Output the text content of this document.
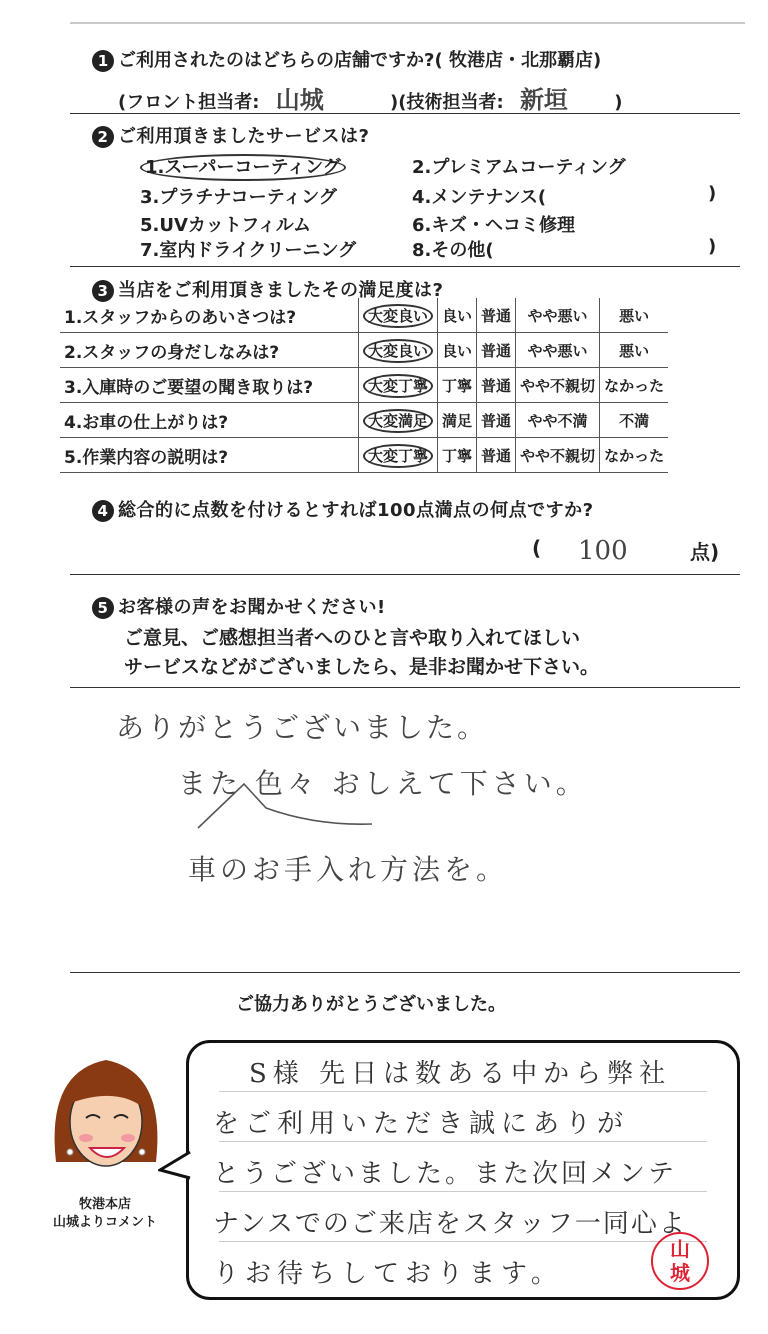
1 ご利用されたのはどちらの店舗ですか?( 牧港店・北那覇店)
(フロント担当者: 山城	)(技術担当者: 新垣	)
2 ご利用頂きましたサービスは?
1.スーパーコーティング	2.プレミアムコーティング
3.プラチナコーティング	4.メンテナンス(	)
5.UVカットフィルム	6.キズ・ヘコミ修理
7.室内ドライクリーニング	8.その他(	)
3 当店をご利用頂きましたその満足度は?
1.スタッフからのあいさつは?	大変良い	良い	普通	やや悪い	悪い
2.スタッフの身だしなみは?	大変良い	良い	普通	やや悪い	悪い
3.入庫時のご要望の聞き取りは?	大変丁寧	丁寧	普通	やや不親切	なかった
4.お車の仕上がりは?	大変満足	満足	普通	やや不満	不満
5.作業内容の説明は?	大変丁寧	丁寧	普通	やや不親切	なかった
4 総合的に点数を付けるとすれば100点満点の何点ですか?
( 100	点)
5 お客様の声をお聞かせください!
ご意見、ご感想担当者へのひと言や取り入れてほしい
サービスなどがございましたら、是非お聞かせ下さい。
ありがとうございました。
また 色々 おしえて下さい。
車のお手入れ方法を。
ご協力ありがとうございました。
牧港本店
山城よりコメント
S様 先日は数ある中から弊社
をご利用いただき誠にありが
とうございました。また次回メンテ
ナンスでのご来店をスタッフ一同心よ
りお待ちしております。
山城
